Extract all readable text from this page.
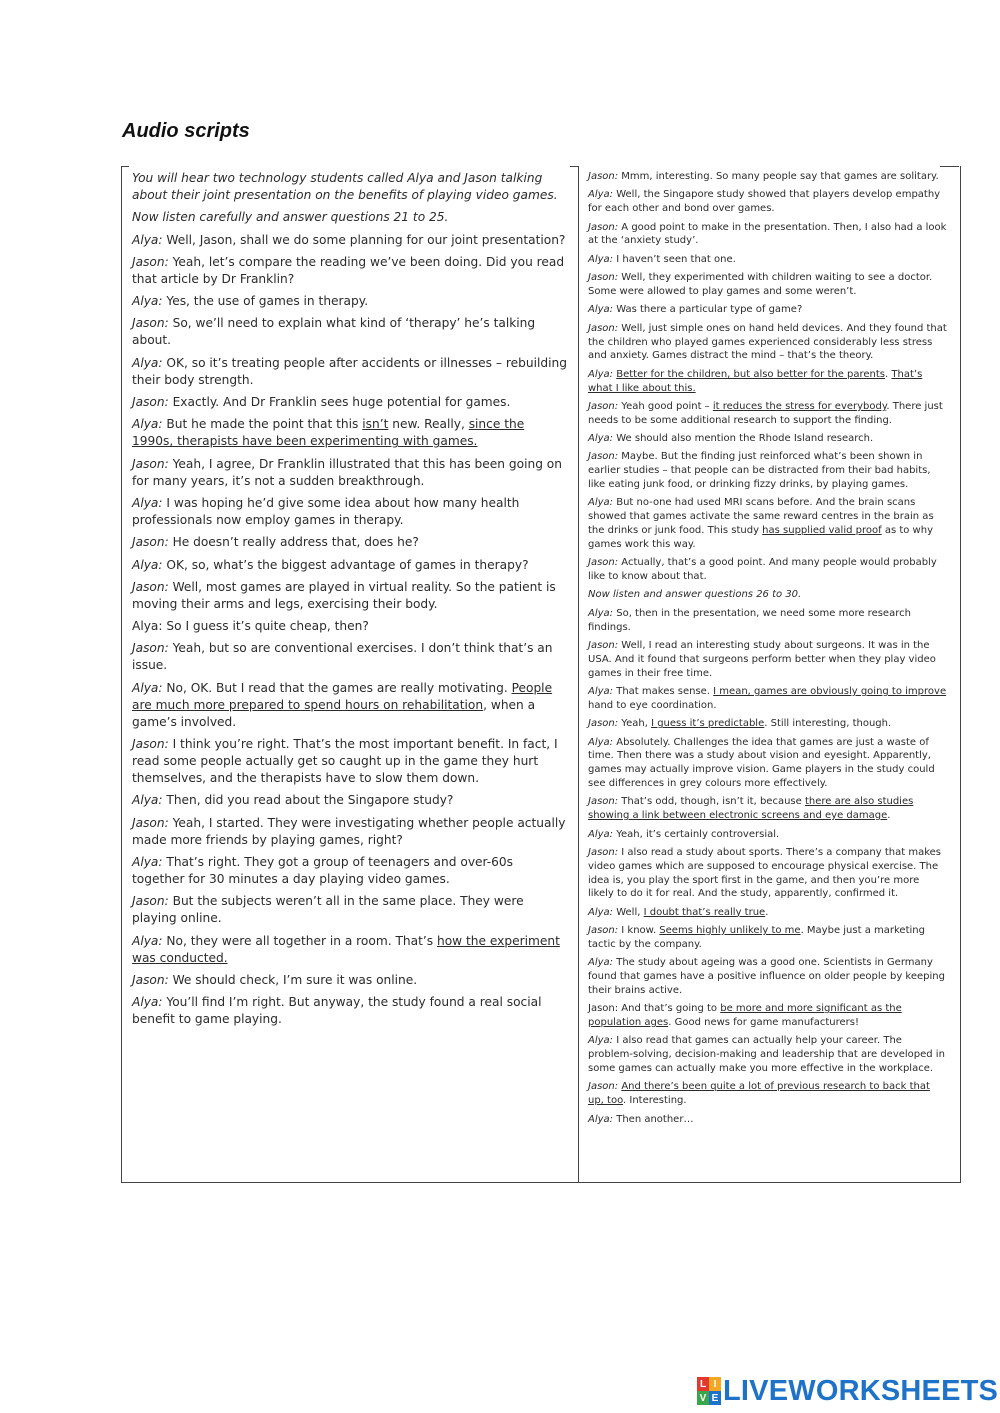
Audio scripts

You will hear two technology students called Alya and Jason talking about their joint presentation on the benefits of playing video games.

Now listen carefully and answer questions 21 to 25.

Alya: Well, Jason, shall we do some planning for our joint presentation?

Jason: Yeah, let’s compare the reading we’ve been doing. Did you read that article by Dr Franklin?

Alya: Yes, the use of games in therapy.

Jason: So, we’ll need to explain what kind of ‘therapy’ he’s talking about.

Alya: OK, so it’s treating people after accidents or illnesses – rebuilding their body strength.

Jason: Exactly. And Dr Franklin sees huge potential for games.

Alya: But he made the point that this isn’t new. Really, since the 1990s, therapists have been experimenting with games.

Jason: Yeah, I agree, Dr Franklin illustrated that this has been going on for many years, it’s not a sudden breakthrough.

Alya: I was hoping he’d give some idea about how many health professionals now employ games in therapy.

Jason: He doesn’t really address that, does he?

Alya: OK, so, what’s the biggest advantage of games in therapy?

Jason: Well, most games are played in virtual reality. So the patient is moving their arms and legs, exercising their body.

Alya: So I guess it’s quite cheap, then?

Jason: Yeah, but so are conventional exercises. I don’t think that’s an issue.

Alya: No, OK. But I read that the games are really motivating. People are much more prepared to spend hours on rehabilitation, when a game’s involved.

Jason: I think you’re right. That’s the most important benefit. In fact, I read some people actually get so caught up in the game they hurt themselves, and the therapists have to slow them down.

Alya: Then, did you read about the Singapore study?

Jason: Yeah, I started. They were investigating whether people actually made more friends by playing games, right?

Alya: That’s right. They got a group of teenagers and over-60s together for 30 minutes a day playing video games.

Jason: But the subjects weren’t all in the same place. They were playing online.

Alya: No, they were all together in a room. That’s how the experiment was conducted.

Jason: We should check, I’m sure it was online.

Alya: You’ll find I’m right. But anyway, the study found a real social benefit to game playing.

Jason: Mmm, interesting. So many people say that games are solitary.

Alya: Well, the Singapore study showed that players develop empathy for each other and bond over games.

Jason: A good point to make in the presentation. Then, I also had a look at the ‘anxiety study’.

Alya: I haven’t seen that one.

Jason: Well, they experimented with children waiting to see a doctor. Some were allowed to play games and some weren’t.

Alya: Was there a particular type of game?

Jason: Well, just simple ones on hand held devices. And they found that the children who played games experienced considerably less stress and anxiety. Games distract the mind – that’s the theory.

Alya: Better for the children, but also better for the parents. That’s what I like about this.

Jason: Yeah good point – it reduces the stress for everybody. There just needs to be some additional research to support the finding.

Alya: We should also mention the Rhode Island research.

Jason: Maybe. But the finding just reinforced what’s been shown in earlier studies – that people can be distracted from their bad habits, like eating junk food, or drinking fizzy drinks, by playing games.

Alya: But no-one had used MRI scans before. And the brain scans showed that games activate the same reward centres in the brain as the drinks or junk food. This study has supplied valid proof as to why games work this way.

Jason: Actually, that’s a good point. And many people would probably like to know about that.

Now listen and answer questions 26 to 30.

Alya: So, then in the presentation, we need some more research findings.

Jason: Well, I read an interesting study about surgeons. It was in the USA. And it found that surgeons perform better when they play video games in their free time.

Alya: That makes sense. I mean, games are obviously going to improve hand to eye coordination.

Jason: Yeah, I guess it’s predictable. Still interesting, though.

Alya: Absolutely. Challenges the idea that games are just a waste of time. Then there was a study about vision and eyesight. Apparently, games may actually improve vision. Game players in the study could see differences in grey colours more effectively.

Jason: That’s odd, though, isn’t it, because there are also studies showing a link between electronic screens and eye damage.

Alya: Yeah, it’s certainly controversial.

Jason: I also read a study about sports. There’s a company that makes video games which are supposed to encourage physical exercise. The idea is, you play the sport first in the game, and then you’re more likely to do it for real. And the study, apparently, confirmed it.

Alya: Well, I doubt that’s really true.

Jason: I know. Seems highly unlikely to me. Maybe just a marketing tactic by the company.

Alya: The study about ageing was a good one. Scientists in Germany found that games have a positive influence on older people by keeping their brains active.

Jason: And that’s going to be more and more significant as the population ages. Good news for game manufacturers!

Alya: I also read that games can actually help your career. The problem-solving, decision-making and leadership that are developed in some games can actually make you more effective in the workplace.

Jason: And there’s been quite a lot of previous research to back that up, too. Interesting.

Alya: Then another…

L I
V E LIVEWORKSHEETS
